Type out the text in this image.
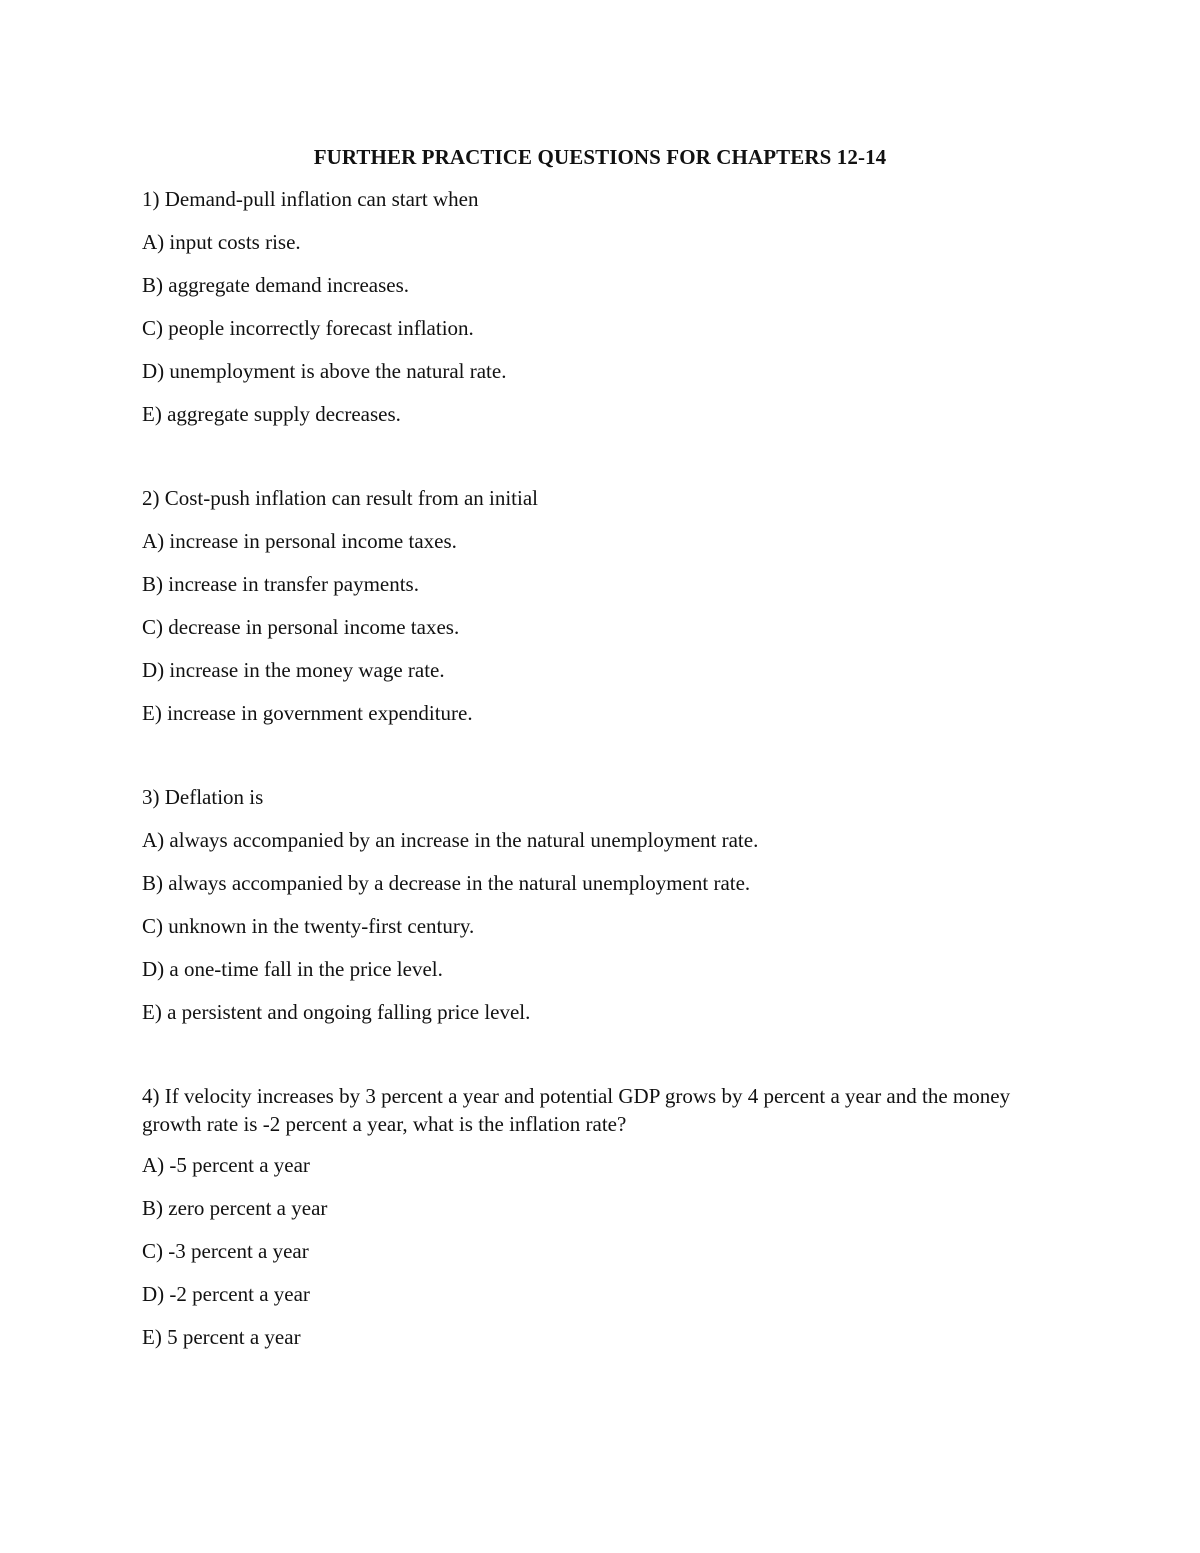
FURTHER PRACTICE QUESTIONS FOR CHAPTERS 12-14

1) Demand-pull inflation can start when

A) input costs rise.

B) aggregate demand increases.

C) people incorrectly forecast inflation.

D) unemployment is above the natural rate.

E) aggregate supply decreases.

2) Cost-push inflation can result from an initial

A) increase in personal income taxes.

B) increase in transfer payments.

C) decrease in personal income taxes.

D) increase in the money wage rate.

E) increase in government expenditure.

3) Deflation is

A) always accompanied by an increase in the natural unemployment rate.

B) always accompanied by a decrease in the natural unemployment rate.

C) unknown in the twenty-first century.

D) a one-time fall in the price level.

E) a persistent and ongoing falling price level.

4) If velocity increases by 3 percent a year and potential GDP grows by 4 percent a year and the money growth rate is -2 percent a year, what is the inflation rate?

A) -5 percent a year

B) zero percent a year

C) -3 percent a year

D) -2 percent a year

E) 5 percent a year
